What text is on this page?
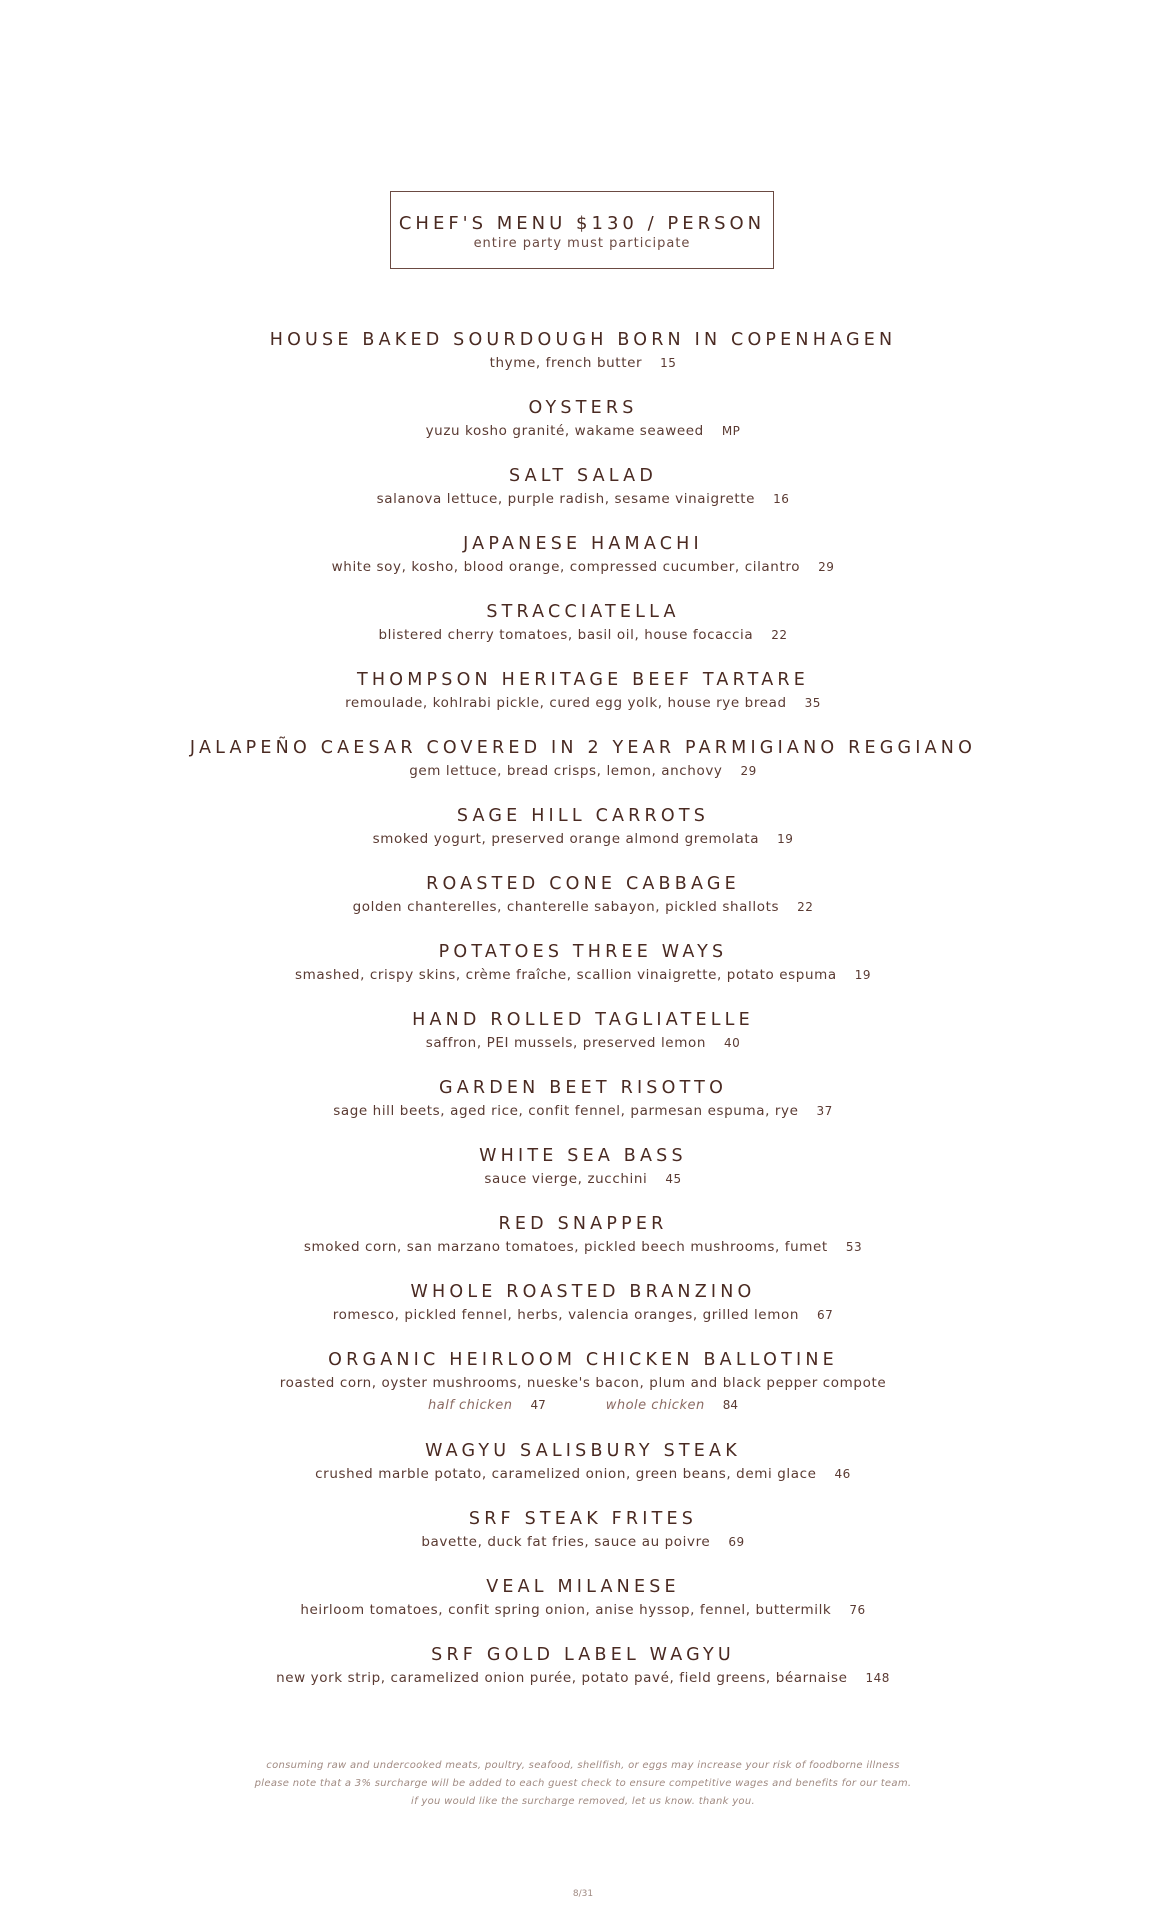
CHEF'S MENU $130 / PERSON
entire party must participate
HOUSE BAKED SOURDOUGH BORN IN COPENHAGEN
thyme, french butter 15
OYSTERS
yuzu kosho granité, wakame seaweed MP
SALT SALAD
salanova lettuce, purple radish, sesame vinaigrette 16
JAPANESE HAMACHI
white soy, kosho, blood orange, compressed cucumber, cilantro 29
STRACCIATELLA
blistered cherry tomatoes, basil oil, house focaccia 22
THOMPSON HERITAGE BEEF TARTARE
remoulade, kohlrabi pickle, cured egg yolk, house rye bread 35
JALAPEÑO CAESAR COVERED IN 2 YEAR PARMIGIANO REGGIANO
gem lettuce, bread crisps, lemon, anchovy 29
SAGE HILL CARROTS
smoked yogurt, preserved orange almond gremolata 19
ROASTED CONE CABBAGE
golden chanterelles, chanterelle sabayon, pickled shallots 22
POTATOES THREE WAYS
smashed, crispy skins, crème fraîche, scallion vinaigrette, potato espuma 19
HAND ROLLED TAGLIATELLE
saffron, PEI mussels, preserved lemon 40
GARDEN BEET RISOTTO
sage hill beets, aged rice, confit fennel, parmesan espuma, rye 37
WHITE SEA BASS
sauce vierge, zucchini 45
RED SNAPPER
smoked corn, san marzano tomatoes, pickled beech mushrooms, fumet 53
WHOLE ROASTED BRANZINO
romesco, pickled fennel, herbs, valencia oranges, grilled lemon 67
ORGANIC HEIRLOOM CHICKEN BALLOTINE
roasted corn, oyster mushrooms, nueske's bacon, plum and black pepper compote
half chicken 47	whole chicken 84
WAGYU SALISBURY STEAK
crushed marble potato, caramelized onion, green beans, demi glace 46
SRF STEAK FRITES
bavette, duck fat fries, sauce au poivre 69
VEAL MILANESE
heirloom tomatoes, confit spring onion, anise hyssop, fennel, buttermilk 76
SRF GOLD LABEL WAGYU
new york strip, caramelized onion purée, potato pavé, field greens, béarnaise 148
consuming raw and undercooked meats, poultry, seafood, shellfish, or eggs may increase your risk of foodborne illness
please note that a 3% surcharge will be added to each guest check to ensure competitive wages and benefits for our team.
if you would like the surcharge removed, let us know. thank you.
8/31
